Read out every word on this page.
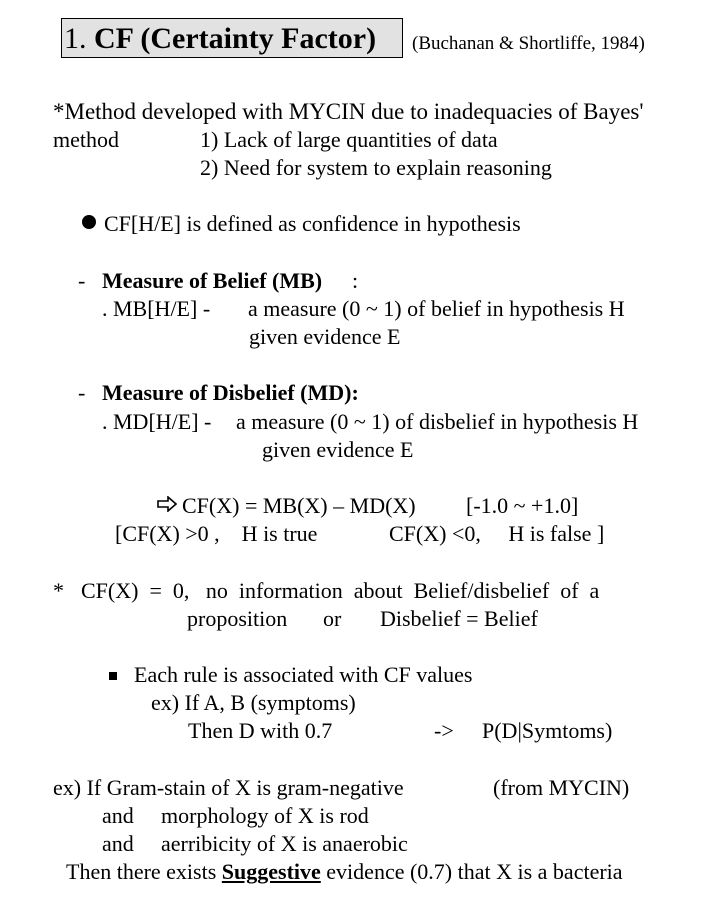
1. CF (Certainty Factor) (Buchanan & Shortliffe, 1984)
*Method developed with MYCIN due to inadequacies of Bayes'
method	1) Lack of large quantities of data
2) Need for system to explain reasoning
CF[H/E] is defined as confidence in hypothesis
- Measure of Belief (MB) :
. MB[H/E] - a measure (0 ~ 1) of belief in hypothesis H
given evidence E
- Measure of Disbelief (MD):
. MD[H/E] - a measure (0 ~ 1) of disbelief in hypothesis H
given evidence E
CF(X) = MB(X) – MD(X) [-1.0 ~ +1.0]
[CF(X) >0 ,    H is true	CF(X) <0,     H is false ]
* CF(X)  =  0,   no  information  about  Belief/disbelief  of  a
proposition or Disbelief = Belief
Each rule is associated with CF values
ex) If A, B (symptoms)
Then D with 0.7	-> P(D|Symtoms)
ex) If Gram-stain of X is gram-negative	(from MYCIN)
and morphology of X is rod
and aerribicity of X is anaerobic
Then there exists Suggestive evidence (0.7) that X is a bacteria
